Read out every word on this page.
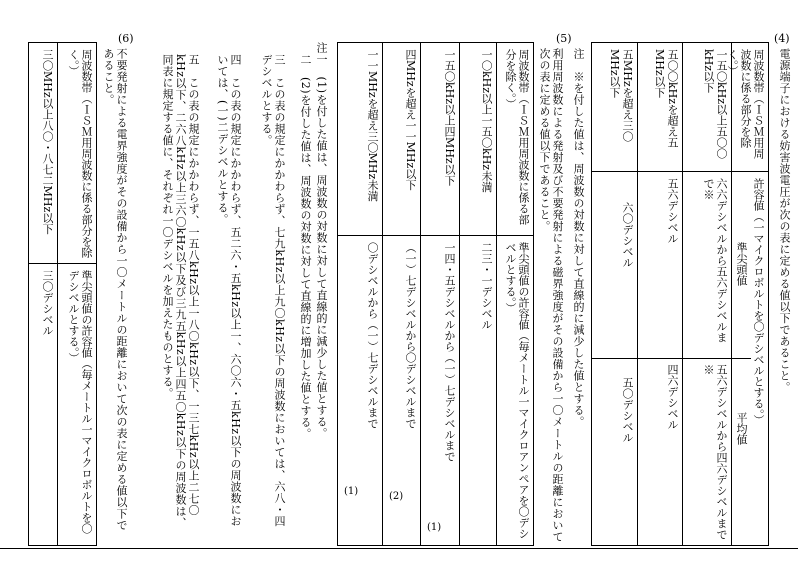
(4)
電源端子における妨害波電圧が次の表に定める値以下であること。
周波数帯（ＩＳＭ用周波数に係る部分を除く。）
一五〇kHz以上五〇〇kHz以下
五〇〇kHzを超え五MHz以下
五MHzを超え三〇MHz以下
許容値（一マイクロボルトを〇デシベルとする。）
準尖頭値
平均値
六六デシベルから五六デシベルまで※
五六デシベルから四六デシベルまで※
五六デシベル
四六デシベル
六〇デシベル
五〇デシベル
注　※を付した値は、周波数の対数に対して直線的に減少した値とする。
(5)
利用周波数による発射及び不要発射による磁界強度がその設備から一〇メートルの距離において次の表に定める値以下であること。
周波数帯（ＩＳＭ用周波数に係る部分を除く。）
準尖頭値の許容値（毎メートル一マイクロアンペアを〇デシベルとする。）
一〇kHz以上一五〇kHz未満
二三・一デシベル
一五〇kHz以上四MHz以下
一四・五デシベルから（一）七デシベルまで
(1)
四MHzを超え一一MHz以下
（一）七デシベルから〇デシベルまで
(2)
一一MHzを超え三〇MHz未満
〇デシベルから（一）七デシベルまで
(1)
注一　(1)を付した値は、周波数の対数に対して直線的に減少した値とする。
二　(2)を付した値は、周波数の対数に対して直線的に増加した値とする。
三　この表の規定にかかわらず、七九kHz以上九〇kHz以下の周波数においては、六八・四デシベルとする。
四　この表の規定にかかわらず、五二六・五kHz以上一、六〇六・五kHz以下の周波数においては、(一)二デシベルとする。
五　この表の規定にかかわらず、一五八kHz以上一八〇kHz以下、一三七kHz以上二七〇kHz以下、二六八kHz以上三六〇kHz以下及び三九五kHz以上四五〇kHz以下の周波数は、同表に規定する値に、それぞれ一〇デシベルを加えたものとする。
(6)
不要発射による電界強度がその設備から一〇メートルの距離において次の表に定める値以下であること。
周波数帯（ＩＳＭ用周波数に係る部分を除く。）
準尖頭値の許容値（毎メートル一マイクロボルトを〇デシベルとする。）
三〇MHz以上八〇・八七二MHz以下
三〇デシベル
